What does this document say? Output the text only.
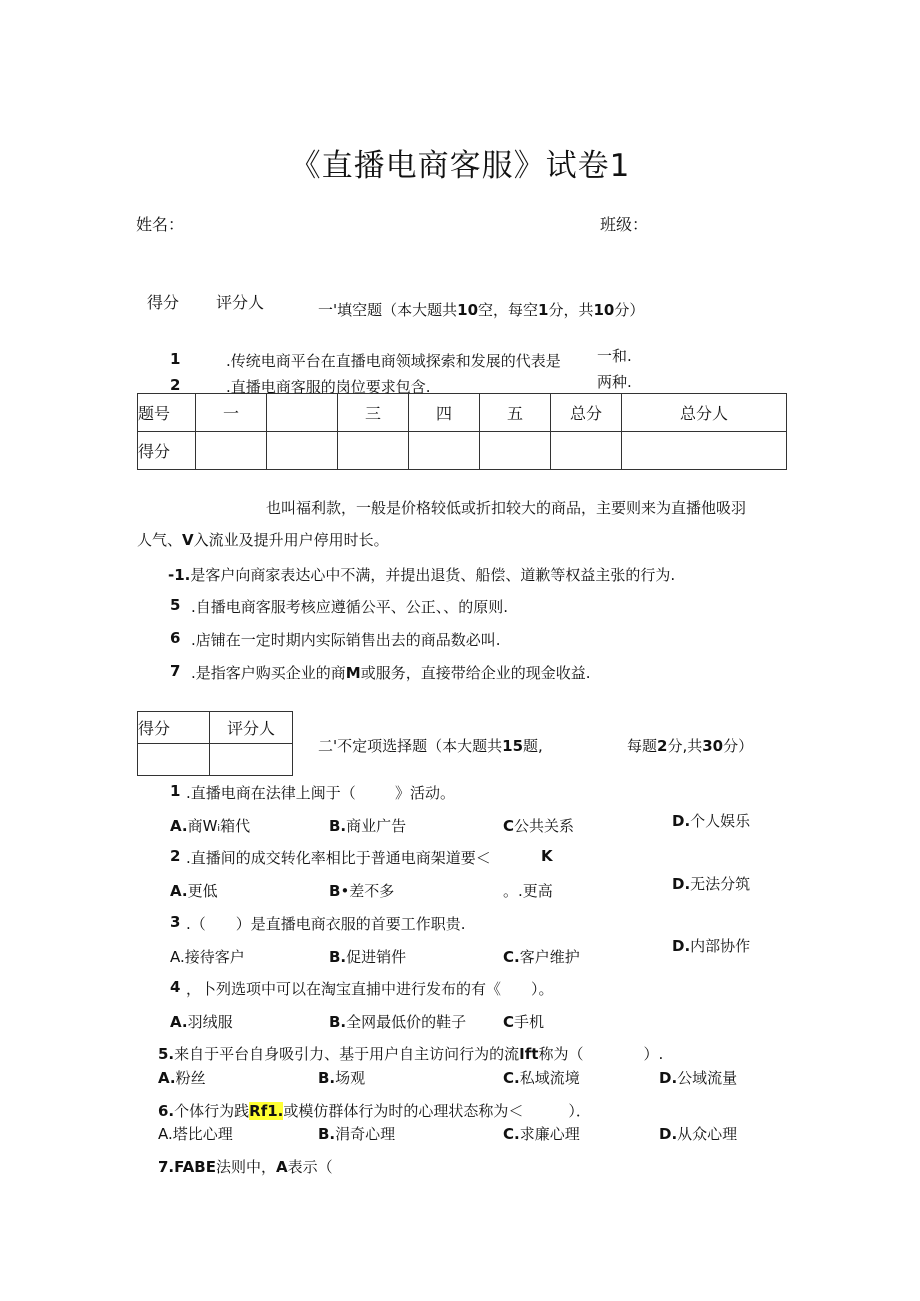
《直播电商客服》试卷1
姓名：	班级：
得分 评分人	一'填空题（本大题共10空，每空1分，共10分）
1	.传统电商平台在直播电商领域探索和发展的代表是 一和.
2	.直播电商客服的岗位要求包含.	两种.
题号	一		三	四	五	总分	总分人
得分							
也叫福利款，一般是价格较低或折扣较大的商品，主要则来为直播他吸羽
人气、V入流业及提升用户停用时长。
-1.是客户向商家表达心中不满，并提出退货、船偿、道歉等权益主张的行为.
5 .自播电商客服考核应遵循公平、公正、、的原则.
6 .店铺在一定时期内实际销售出去的商品数必叫.
7 .是指客户购买企业的商M或服务，直接带给企业的现金收益.
得分	评分人

二'不定项选择题（本大题共15题,	每题2分,共30分）
1 .直播电商在法律上闽于（	》活动。
A.商Wᵢ箱代	B.商业广告	C公共关系	D.个人娱乐
2 .直播间的成交转化率相比于普通电商架道要＜	K
A.更低	B•差不多	。.更高	D.无法分筑
3 .（　　）是直播电商衣服的首要工作职贵.
A.接待客户	B.促进销件	C.客户维护
D.内部协作
4 ，卜列选项中可以在淘宝直捕中进行发布的有《　　）。
A.羽绒服	B.全网最低价的鞋子 C手机
5.来自于平台自身吸引力、基于用户自主访问行为的流Ift称为（　　　　）.
A.粉丝	B.场观	C.私域流境	D.公域流量
6.个体行为践Rf1.或模仿群体行为时的心理状态称为＜　　　）．
A.塔比心理	B.涓奇心理	C.求廉心理	D.从众心理
7.FABE法则中，A表示（
